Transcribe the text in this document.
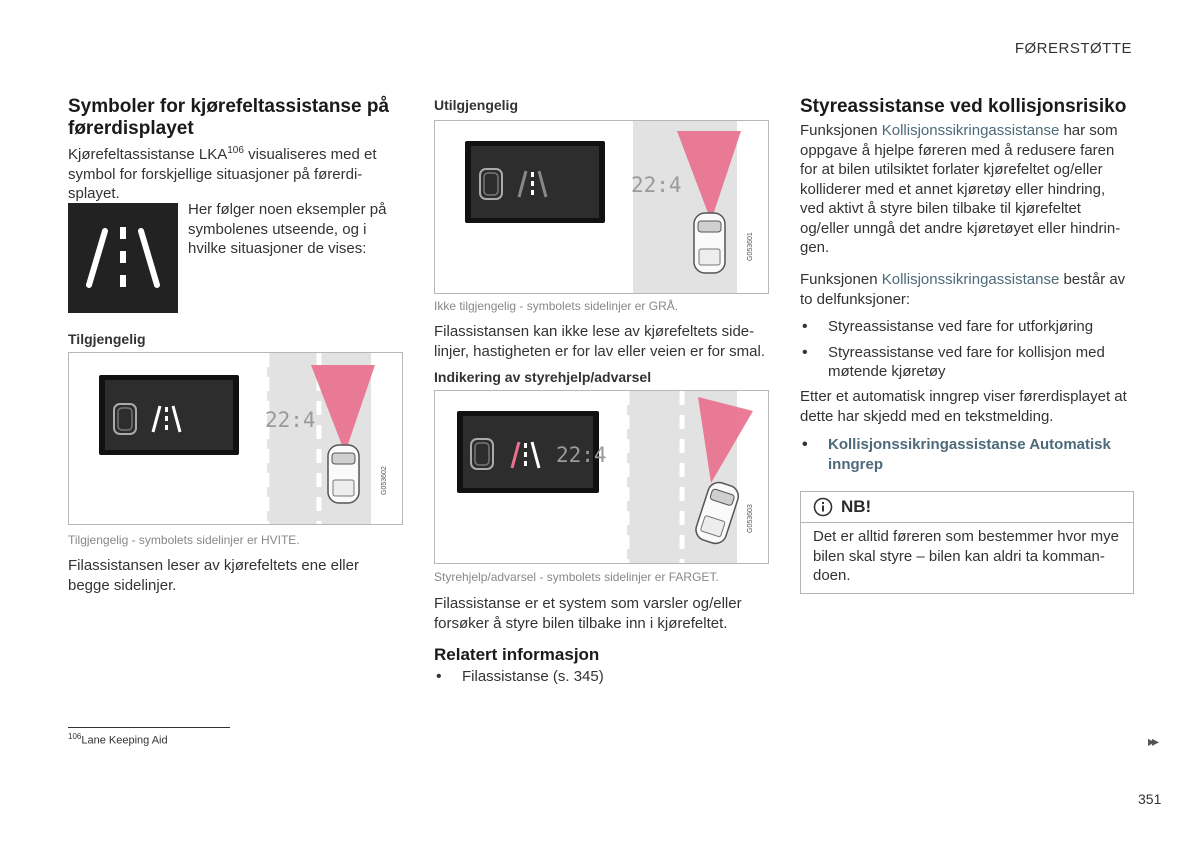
FØRERSTØTTE
Symboler for kjørefeltassistanse på førerdisplayet
Kjørefeltassistanse LKA$^{106}$ visualiseres med et symbol for forskjellige situasjoner på førerdisplayet.
Her følger noen eksempler på symbolenes utseende, og i hvilke situasjoner de vises:
Tilgjengelig
22:4
G053602
Tilgjengelig - symbolets sidelinjer er HVITE.
Filassistansen leser av kjørefeltets ene eller begge sidelinjer.
Utilgjengelig
22:4
G053601
Ikke tilgjengelig - symbolets sidelinjer er GRÅ.
Filassistansen kan ikke lese av kjørefeltets sidelinjer, hastigheten er for lav eller veien er for smal.
Indikering av styrehjelp/advarsel
22:4
G053603
Styrehjelp/advarsel - symbolets sidelinjer er FARGET.
Filassistanse er et system som varsler og/eller forsøker å styre bilen tilbake inn i kjørefeltet.
Relatert informasjon
• Filassistanse (s. 345)
Styreassistanse ved kollisjonsrisiko
Funksjonen Kollisjonssikringassistanse har som oppgave å hjelpe føreren med å redusere faren for at bilen utilsiktet forlater kjørefeltet og/eller kolliderer med et annet kjøretøy eller hindring, ved aktivt å styre bilen tilbake til kjørefeltet og/eller unngå det andre kjøretøyet eller hindringen.
Funksjonen Kollisjonssikringassistanse består av to delfunksjoner:
• Styreassistanse ved fare for utforkjøring
• Styreassistanse ved fare for kollisjon med møtende kjøretøy
Etter et automatisk inngrep viser førerdisplayet at dette har skjedd med en tekstmelding.
• Kollisjonssikringassistanse Automatisk inngrep
NB!
Det er alltid føreren som bestemmer hvor mye bilen skal styre – bilen kan aldri ta kommandoen.
$^{106}$Lane Keeping Aid	▸▸
351
